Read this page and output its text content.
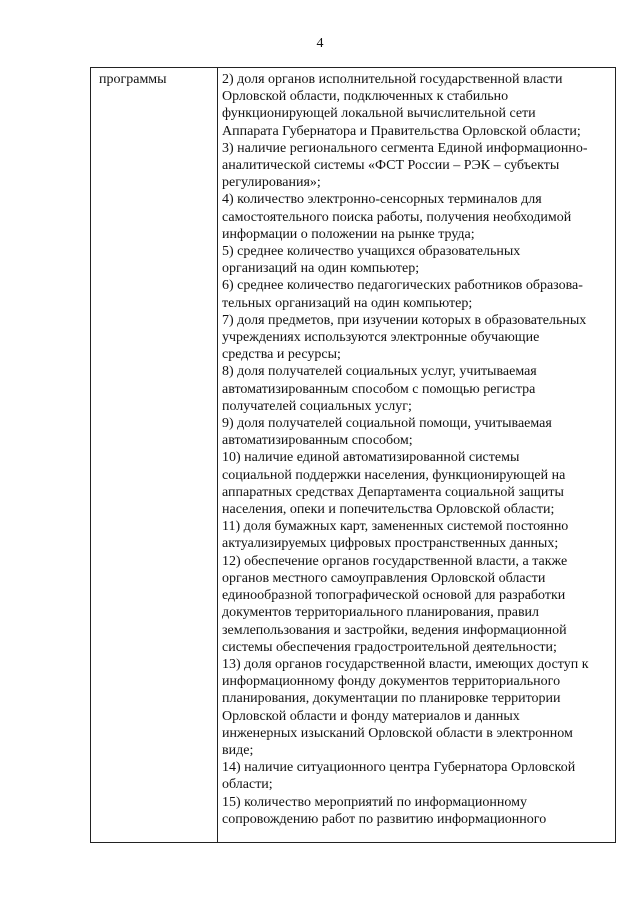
4
программы	2) доля органов исполнительной государственной власти
Орловской области, подключенных к стабильно
функционирующей локальной вычислительной сети
Аппарата Губернатора и Правительства Орловской области;
3) наличие регионального сегмента Единой информационно-
аналитической системы «ФСТ России – РЭК – субъекты
регулирования»;
4) количество электронно-сенсорных терминалов для
самостоятельного поиска работы, получения необходимой
информации о положении на рынке труда;
5) среднее количество учащихся образовательных
организаций на один компьютер;
6) среднее количество педагогических работников образова-
тельных организаций на один компьютер;
7) доля предметов, при изучении которых в образовательных
учреждениях используются электронные обучающие
средства и ресурсы;
8) доля получателей социальных услуг, учитываемая
автоматизированным способом с помощью регистра
получателей социальных услуг;
9) доля получателей социальной помощи, учитываемая
автоматизированным способом;
10) наличие единой автоматизированной системы
социальной поддержки населения, функционирующей на
аппаратных средствах Департамента социальной защиты
населения, опеки и попечительства Орловской области;
11) доля бумажных карт, замененных системой постоянно
актуализируемых цифровых пространственных данных;
12) обеспечение органов государственной власти, а также
органов местного самоуправления Орловской области
единообразной топографической основой для разработки
документов территориального планирования, правил
землепользования и застройки, ведения информационной
системы обеспечения градостроительной деятельности;
13) доля органов государственной власти, имеющих доступ к
информационному фонду документов территориального
планирования, документации по планировке территории
Орловской области и фонду материалов и данных
инженерных изысканий Орловской области в электронном
виде;
14) наличие ситуационного центра Губернатора Орловской
области;
15) количество мероприятий по информационному
сопровождению работ по развитию информационного
